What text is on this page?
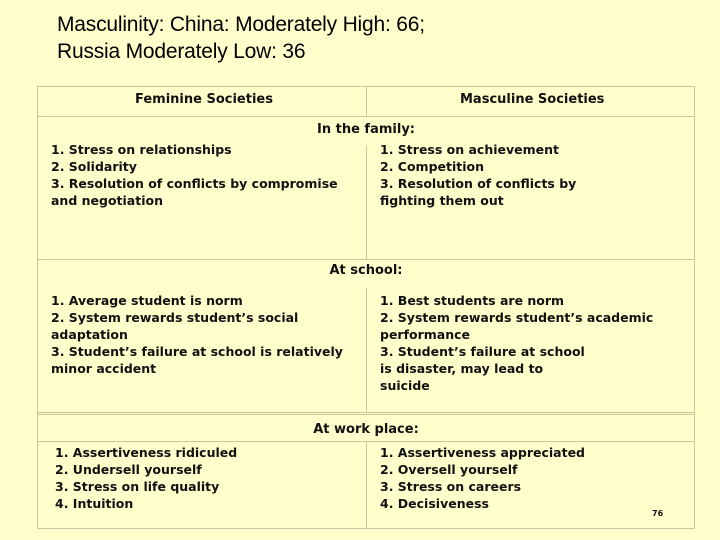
Masculinity: China: Moderately High: 66;
Russia Moderately Low: 36
Feminine Societies	Masculine Societies
In the family:
1. Stress on relationships
2. Solidarity
3. Resolution of conflicts by compromise
and negotiation
1. Stress on achievement
2. Competition
3. Resolution of conflicts by
fighting them out
At school:
1. Average student is norm
2. System rewards student’s social
adaptation
3. Student’s failure at school is relatively
minor accident
1. Best students are norm
2. System rewards student’s academic
performance
3. Student’s failure at school
is disaster, may lead to
suicide
At work place:
1. Assertiveness ridiculed
2. Undersell yourself
3. Stress on life quality
4. Intuition
1. Assertiveness appreciated
2. Oversell yourself
3. Stress on careers
4. Decisiveness
76
